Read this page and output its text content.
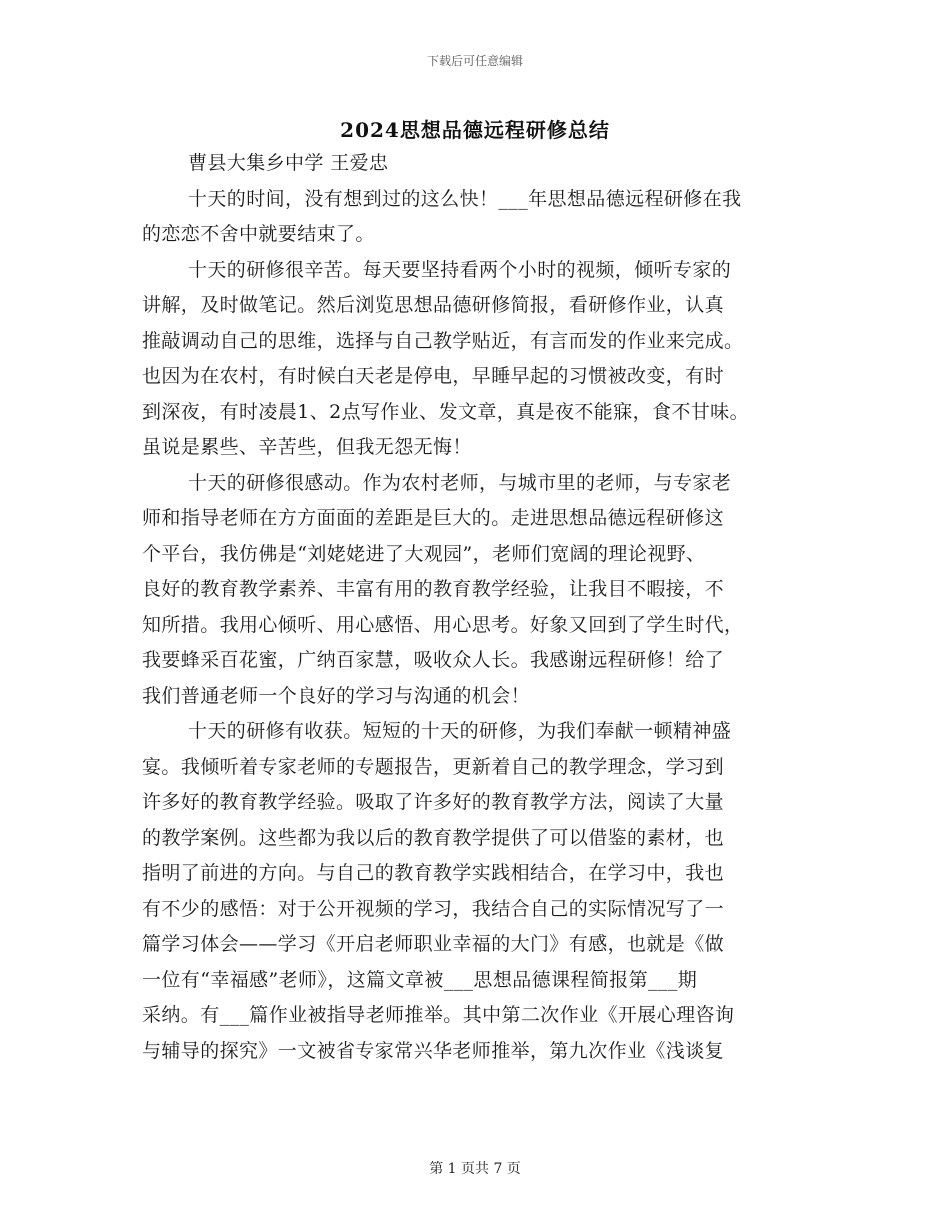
下载后可任意编辑
2024思想品德远程研修总结
曹县大集乡中学 王爱忠
十天的时间，没有想到过的这么快！___年思想品德远程研修在我
的恋恋不舍中就要结束了。
十天的研修很辛苦。每天要坚持看两个小时的视频，倾听专家的
讲解，及时做笔记。然后浏览思想品德研修简报，看研修作业，认真
推敲调动自己的思维，选择与自己教学贴近，有言而发的作业来完成。
也因为在农村，有时候白天老是停电，早睡早起的习惯被改变，有时
到深夜，有时凌晨1、2点写作业、发文章，真是夜不能寐，食不甘味。
虽说是累些、辛苦些，但我无怨无悔！
十天的研修很感动。作为农村老师，与城市里的老师，与专家老
师和指导老师在方方面面的差距是巨大的。走进思想品德远程研修这
个平台，我仿佛是“刘姥姥进了大观园”，老师们宽阔的理论视野、
良好的教育教学素养、丰富有用的教育教学经验，让我目不暇接，不
知所措。我用心倾听、用心感悟、用心思考。好象又回到了学生时代，
我要蜂采百花蜜，广纳百家慧，吸收众人长。我感谢远程研修！给了
我们普通老师一个良好的学习与沟通的机会！
十天的研修有收获。短短的十天的研修，为我们奉献一顿精神盛
宴。我倾听着专家老师的专题报告，更新着自己的教学理念，学习到
许多好的教育教学经验。吸取了许多好的教育教学方法，阅读了大量
的教学案例。这些都为我以后的教育教学提供了可以借鉴的素材，也
指明了前进的方向。与自己的教育教学实践相结合，在学习中，我也
有不少的感悟：对于公开视频的学习，我结合自己的实际情况写了一
篇学习体会——学习《开启老师职业幸福的大门》有感，也就是《做
一位有“幸福感”老师》，这篇文章被___思想品德课程简报第___期
采纳。有___篇作业被指导老师推举。其中第二次作业《开展心理咨询
与辅导的探究》一文被省专家常兴华老师推举，第九次作业《浅谈复
第 1 页共 7 页
